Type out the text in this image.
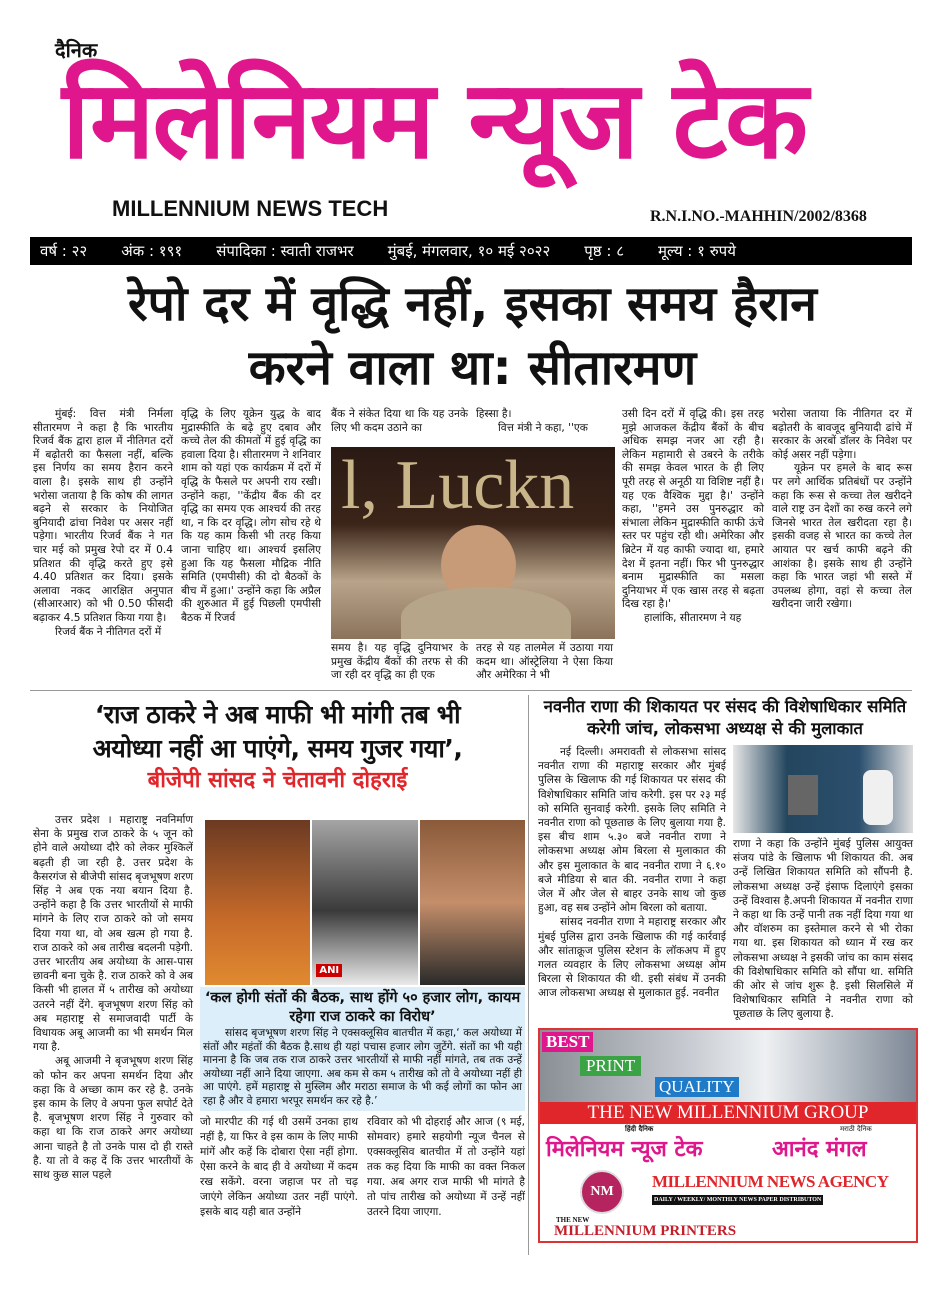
दैनिक
मिलेनियम न्यूज टेक
MILLENNIUM NEWS TECH	R.N.I.NO.-MAHHIN/2002/8368
वर्ष : २२ अंक : १९१ संपादिका : स्वाती राजभर मुंबई, मंगलवार, १० मई २०२२ पृष्ठ : ८ मूल्य : १ रुपये
रेपो दर में वृद्धि नहीं, इसका समय हैरान
करने वाला था: सीतारमण

मुंबई: वित्त मंत्री निर्मला सीतारमण ने कहा है कि भारतीय रिजर्व बैंक द्वारा हाल में नीतिगत दरों में बढ़ोतरी का फैसला नहीं, बल्कि इस निर्णय का समय हैरान करने वाला है। इसके साथ ही उन्होंने भरोसा जताया है कि कोष की लागत बढ़ने से सरकार के नियोजित बुनियादी ढांचा निवेश पर असर नहीं पड़ेगा। भारतीय रिजर्व बैंक ने गत चार मई को प्रमुख रेपो दर में 0.4 प्रतिशत की वृद्धि करते हुए इसे 4.40 प्रतिशत कर दिया। इसके अलावा नकद आरक्षित अनुपात (सीआरआर) को भी 0.50 फीसदी बढ़ाकर 4.5 प्रतिशत किया गया है।

रिजर्व बैंक ने नीतिगत दरों में

वृद्धि के लिए यूक्रेन युद्ध के बाद मुद्रास्फीति के बढ़े हुए दबाव और कच्चे तेल की कीमतों में हुई वृद्धि का हवाला दिया है। सीतारमण ने शनिवार शाम को यहां एक कार्यक्रम में दरों में वृद्धि के फैसले पर अपनी राय रखी। उन्होंने कहा, ''केंद्रीय बैंक की दर वृद्धि का समय एक आश्चर्य की तरह था, न कि दर वृद्धि। लोग सोच रहे थे कि यह काम किसी भी तरह किया जाना चाहिए था। आश्चर्य इसलिए हुआ कि यह फैसला मौद्रिक नीति समिति (एमपीसी) की दो बैठकों के बीच में हुआ।' उन्होंने कहा कि अप्रैल की शुरुआत में हुई पिछली एमपीसी बैठक में रिजर्व

बैंक ने संकेत दिया था कि यह उनके लिए भी कदम उठाने का

हिस्सा है।

वित्त मंत्री ने कहा, ''एक

l, Luckn

समय है। यह वृद्धि दुनियाभर के प्रमुख केंद्रीय बैंकों की तरफ से की जा रही दर वृद्धि का ही एक

तरह से यह तालमेल में उठाया गया कदम था। ऑस्ट्रेलिया ने ऐसा किया और अमेरिका ने भी

उसी दिन दरों में वृद्धि की। इस तरह मुझे आजकल केंद्रीय बैंकों के बीच अधिक समझ नजर आ रही है। लेकिन महामारी से उबरने के तरीके की समझ केवल भारत के ही लिए पूरी तरह से अनूठी या विशिष्ट नहीं है। यह एक वैश्विक मुद्दा है।' उन्होंने कहा, ''हमने उस पुनरुद्धार को संभाला लेकिन मुद्रास्फीति काफी ऊंचे स्तर पर पहुंच रही थी। अमेरिका और ब्रिटेन में यह काफी ज्यादा था, हमारे देश में इतना नहीं। फिर भी पुनरुद्धार बनाम मुद्रास्फीति का मसला दुनियाभर में एक खास तरह से बढ़ता दिख रहा है।'

हालांकि, सीतारमण ने यह

भरोसा जताया कि नीतिगत दर में बढ़ोतरी के बावजूद बुनियादी ढांचे में सरकार के अरबों डॉलर के निवेश पर कोई असर नहीं पड़ेगा।

यूक्रेन पर हमले के बाद रूस पर लगे आर्थिक प्रतिबंधों पर उन्होंने कहा कि रूस से कच्चा तेल खरीदने वाले राष्ट्र उन देशों का रुख करने लगे जिनसे भारत तेल खरीदता रहा है। इसकी वजह से भारत का कच्चे तेल आयात पर खर्च काफी बढ़ने की आशंका है। इसके साथ ही उन्होंने कहा कि भारत जहां भी सस्ते में उपलब्ध होगा, वहां से कच्चा तेल खरीदना जारी रखेगा।

‘राज ठाकरे ने अब माफी भी मांगी तब भी
अयोध्या नहीं आ पाएंगे, समय गुजर गया’,
बीजेपी सांसद ने चेतावनी दोहराई

उत्तर प्रदेश । महाराष्ट्र नवनिर्माण सेना के प्रमुख राज ठाकरे के ५ जून को होने वाले अयोध्या दौरे को लेकर मुश्किलें बढ़ती ही जा रही है. उत्तर प्रदेश के कैसरगंज से बीजेपी सांसद बृजभूषण शरण सिंह ने अब एक नया बयान दिया है. उन्होंने कहा है कि उत्तर भारतीयों से माफी मांगने के लिए राज ठाकरे को जो समय दिया गया था, वो अब खत्म हो गया है. राज ठाकरे को अब तारीख बदलनी पड़ेगी. उत्तर भारतीय अब अयोध्या के आस-पास छावनी बना चुके है. राज ठाकरे को वे अब किसी भी हालत में ५ तारीख को अयोध्या उतरने नहीं देंगे. बृजभूषण शरण सिंह को अब महाराष्ट्र से समाजवादी पार्टी के विधायक अबू आजमी का भी समर्थन मिल गया है.

अबू आजमी ने बृजभूषण शरण सिंह को फोन कर अपना समर्थन दिया और कहा कि वे अच्छा काम कर रहे है. उनके इस काम के लिए वे अपना फुल सपोर्ट देते है. बृजभूषण शरण सिंह ने गुरुवार को कहा था कि राज ठाकरे अगर अयोध्या आना चाहते है तो उनके पास दो ही रास्ते है. या तो वे कह दें कि उत्तर भारतीयों के साथ कुछ साल पहले

ANI
‘कल होगी संतों की बैठक, साथ होंगे ५० हजार लोग, कायम रहेगा राज ठाकरे का विरोध’

सांसद बृजभूषण शरण सिंह ने एक्सक्लूसिव बातचीत में कहा,‘ कल अयोध्या में संतों और महंतों की बैठक है.साथ ही यहां पचास हजार लोग जुटेंगे. संतों का भी यही मानना है कि जब तक राज ठाकरे उत्तर भारतीयों से माफी नहीं मांगते, तब तक उन्हें अयोध्या नहीं आने दिया जाएगा. अब कम से कम ५ तारीख को तो वे अयोध्या नहीं ही आ पाएंगे. हमें महाराष्ट्र से मुस्लिम और मराठा समाज के भी कई लोगों का फोन आ रहा है और वे हमारा भरपूर समर्थन कर रहे है.’

जो मारपीट की गई थी उसमें उनका हाथ नहीं है, या फिर वे इस काम के लिए माफी मांगें और कहें कि दोबारा ऐसा नहीं होगा. ऐसा करने के बाद ही वे अयोध्या में कदम रख सकेंगे. वरना जहाज पर तो चढ़ जाएंगे लेकिन अयोध्या उतर नहीं पाएंगे. इसके बाद यही बात उन्होंने

रविवार को भी दोहराई और आज (९ मई, सोमवार) हमारे सहयोगी न्यूज चैनल से एक्सक्लूसिव बातचीत में तो उन्होंने यहां तक कह दिया कि माफी का वक्त निकल गया. अब अगर राज माफी भी मांगते है तो पांच तारीख को अयोध्या में उन्हें नहीं उतरने दिया जाएगा.

नवनीत राणा की शिकायत पर संसद की विशेषाधिकार समिति करेगी जांच, लोकसभा अध्यक्ष से की मुलाकात

नई दिल्ली। अमरावती से लोकसभा सांसद नवनीत राणा की महाराष्ट्र सरकार और मुंबई पुलिस के खिलाफ की गई शिकायत पर संसद की विशेषाधिकार समिति जांच करेगी. इस पर २३ मई को समिति सुनवाई करेगी. इसके लिए समिति ने नवनीत राणा को पूछताछ के लिए बुलाया गया है. इस बीच शाम ५.३० बजे नवनीत राणा ने लोकसभा अध्यक्ष ओम बिरला से मुलाकात की और इस मुलाकात के बाद नवनीत राणा ने ६.१० बजे मीडिया से बात की. नवनीत राणा ने कहा जेल में और जेल से बाहर उनके साथ जो कुछ हुआ, वह सब उन्होंने ओम बिरला को बताया.

सांसद नवनीत राणा ने महाराष्ट्र सरकार और मुंबई पुलिस द्वारा उनके खिलाफ की गई कार्रवाई और सांताक्रूज पुलिस स्टेशन के लॉकअप में हुए गलत व्यवहार के लिए लोकसभा अध्यक्ष ओम बिरला से शिकायत की थी. इसी संबंध में उनकी आज लोकसभा अध्यक्ष से मुलाकात हुई. नवनीत

राणा ने कहा कि उन्होंने मुंबई पुलिस आयुक्त संजय पांडे के खिलाफ भी शिकायत की. अब उन्हें लिखित शिकायत समिति को सौंपनी है. लोकसभा अध्यक्ष उन्हें इंसाफ दिलाएंगे इसका उन्हें विश्वास है.अपनी शिकायत में नवनीत राणा ने कहा था कि उन्हें पानी तक नहीं दिया गया था और वॉशरुम का इस्तेमाल करने से भी रोका गया था. इस शिकायत को ध्यान में रख कर लोकसभा अध्यक्ष ने इसकी जांच का काम संसद की विशेषाधिकार समिति को सौंपा था. समिति की ओर से जांच शुरू है. इसी सिलसिले में विशेषाधिकार समिति ने नवनीत राणा को पूछताछ के लिए बुलाया है.

BEST
PRINT
QUALITY
THE NEW MILLENNIUM GROUP
हिंदी दैनिक	मराठी दैनिक
मिलेनियम न्यूज टेक	आनंद मंगल
NM
MILLENNIUM NEWS AGENCY
DAILY / WEEKLY/ MONTHLY NEWS PAPER DISTRIBUTON
THE NEW
MILLENNIUM PRINTERS
